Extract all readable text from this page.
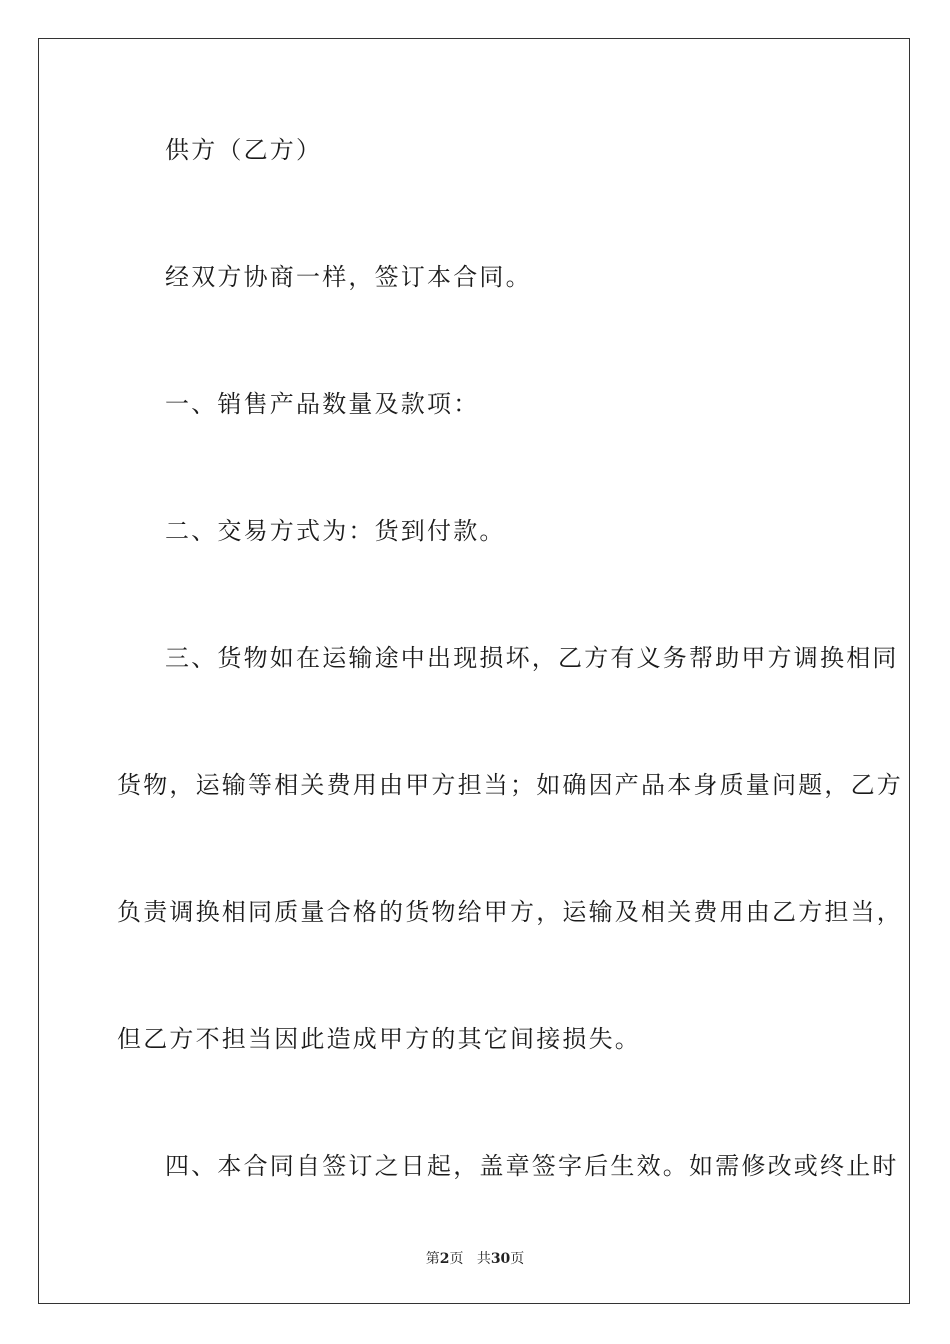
供方（乙方）
经双方协商一样，签订本合同。
一、销售产品数量及款项：
二、交易方式为：货到付款。
三、货物如在运输途中出现损坏，乙方有义务帮助甲方调换相同
货物，运输等相关费用由甲方担当；如确因产品本身质量问题，乙方
负责调换相同质量合格的货物给甲方，运输及相关费用由乙方担当，
但乙方不担当因此造成甲方的其它间接损失。
四、本合同自签订之日起，盖章签字后生效。如需修改或终止时
第2页 共30页
